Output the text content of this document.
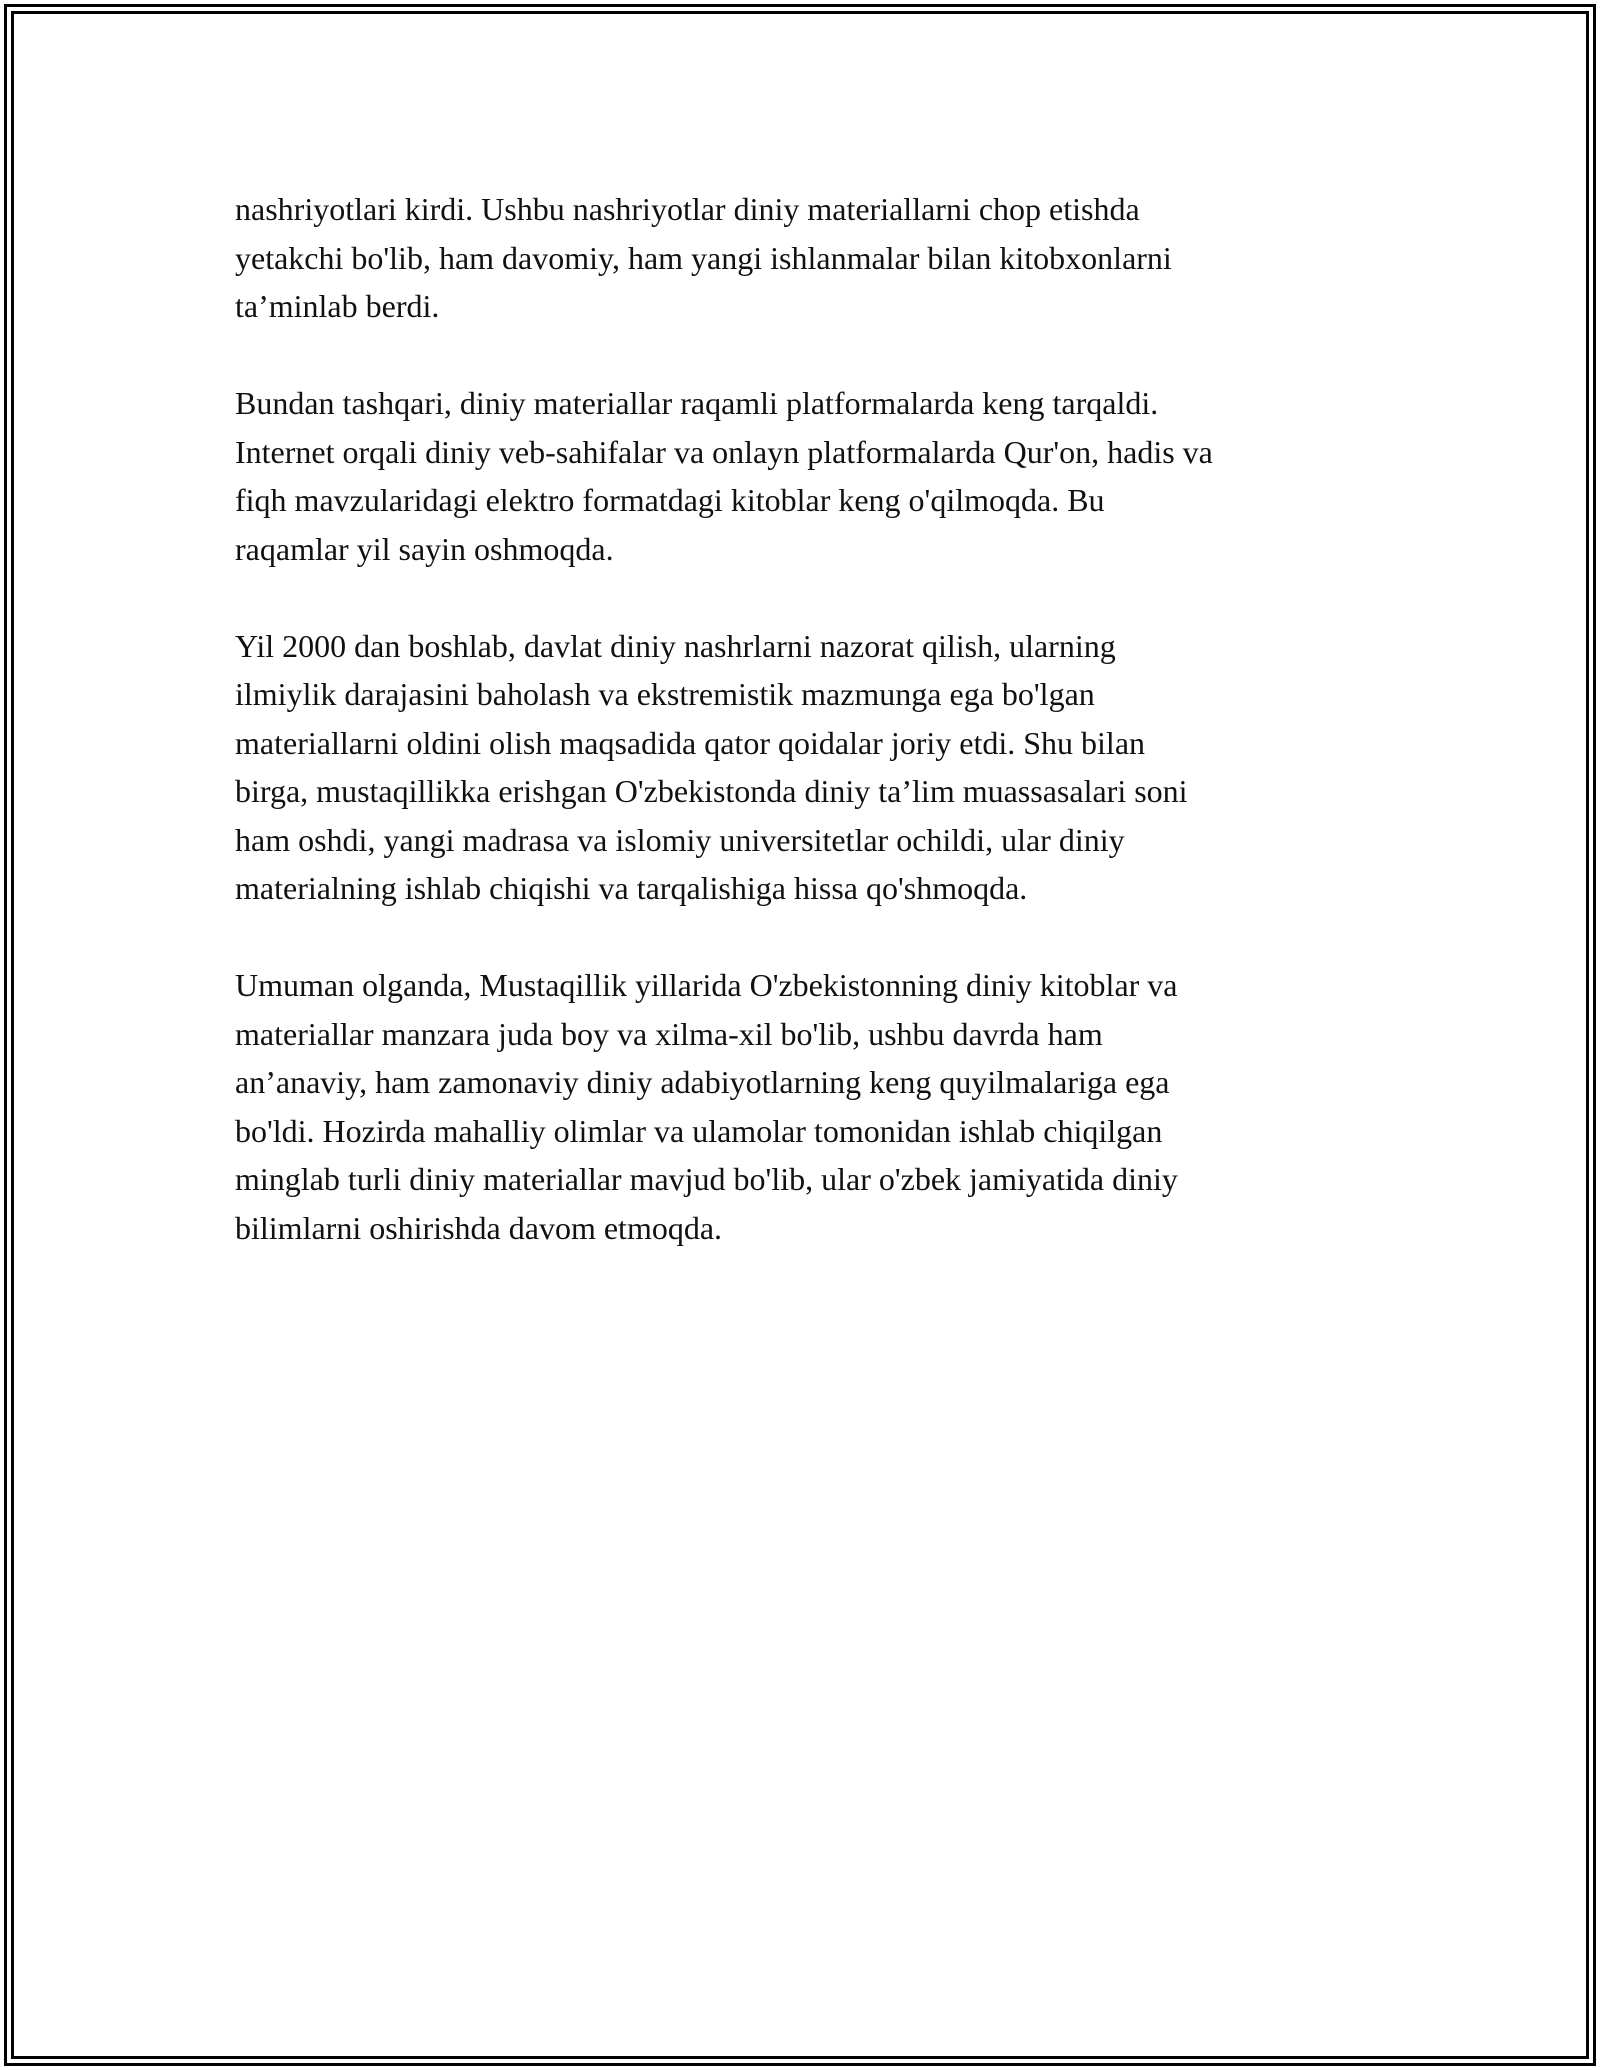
nashriyotlari kirdi. Ushbu nashriyotlar diniy materiallarni chop etishda
yetakchi bo'lib, ham davomiy, ham yangi ishlanmalar bilan kitobxonlarni
ta’minlab berdi.

Bundan tashqari, diniy materiallar raqamli platformalarda keng tarqaldi.
Internet orqali diniy veb-sahifalar va onlayn platformalarda Qur'on, hadis va
fiqh mavzularidagi elektro formatdagi kitoblar keng o'qilmoqda. Bu
raqamlar yil sayin oshmoqda.

Yil 2000 dan boshlab, davlat diniy nashrlarni nazorat qilish, ularning
ilmiylik darajasini baholash va ekstremistik mazmunga ega bo'lgan
materiallarni oldini olish maqsadida qator qoidalar joriy etdi. Shu bilan
birga, mustaqillikka erishgan O'zbekistonda diniy ta’lim muassasalari soni
ham oshdi, yangi madrasa va islomiy universitetlar ochildi, ular diniy
materialning ishlab chiqishi va tarqalishiga hissa qo'shmoqda.

Umuman olganda, Mustaqillik yillarida O'zbekistonning diniy kitoblar va
materiallar manzara juda boy va xilma-xil bo'lib, ushbu davrda ham
an’anaviy, ham zamonaviy diniy adabiyotlarning keng quyilmalariga ega
bo'ldi. Hozirda mahalliy olimlar va ulamolar tomonidan ishlab chiqilgan
minglab turli diniy materiallar mavjud bo'lib, ular o'zbek jamiyatida diniy
bilimlarni oshirishda davom etmoqda.
